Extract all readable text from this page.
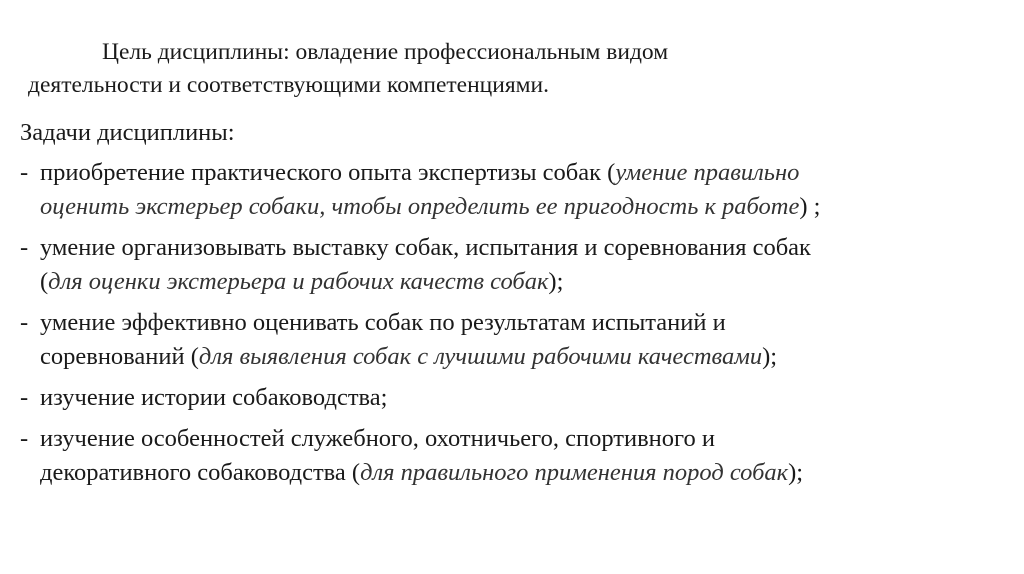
Цель дисциплины: овладение профессиональным видом
деятельности и соответствующими компетенциями.
Задачи дисциплины:
- приобретение практического опыта экспертизы собак (умение правильно
оценить экстерьер собаки, чтобы определить ее пригодность к работе) ;
- умение организовывать выставку собак, испытания и соревнования собак
(для оценки экстерьера и рабочих качеств собак);
- умение эффективно оценивать собак по результатам испытаний и
соревнований (для выявления собак с лучшими рабочими качествами);
- изучение истории собаководства;
- изучение особенностей служебного, охотничьего, спортивного и
декоративного собаководства (для правильного применения пород собак);
